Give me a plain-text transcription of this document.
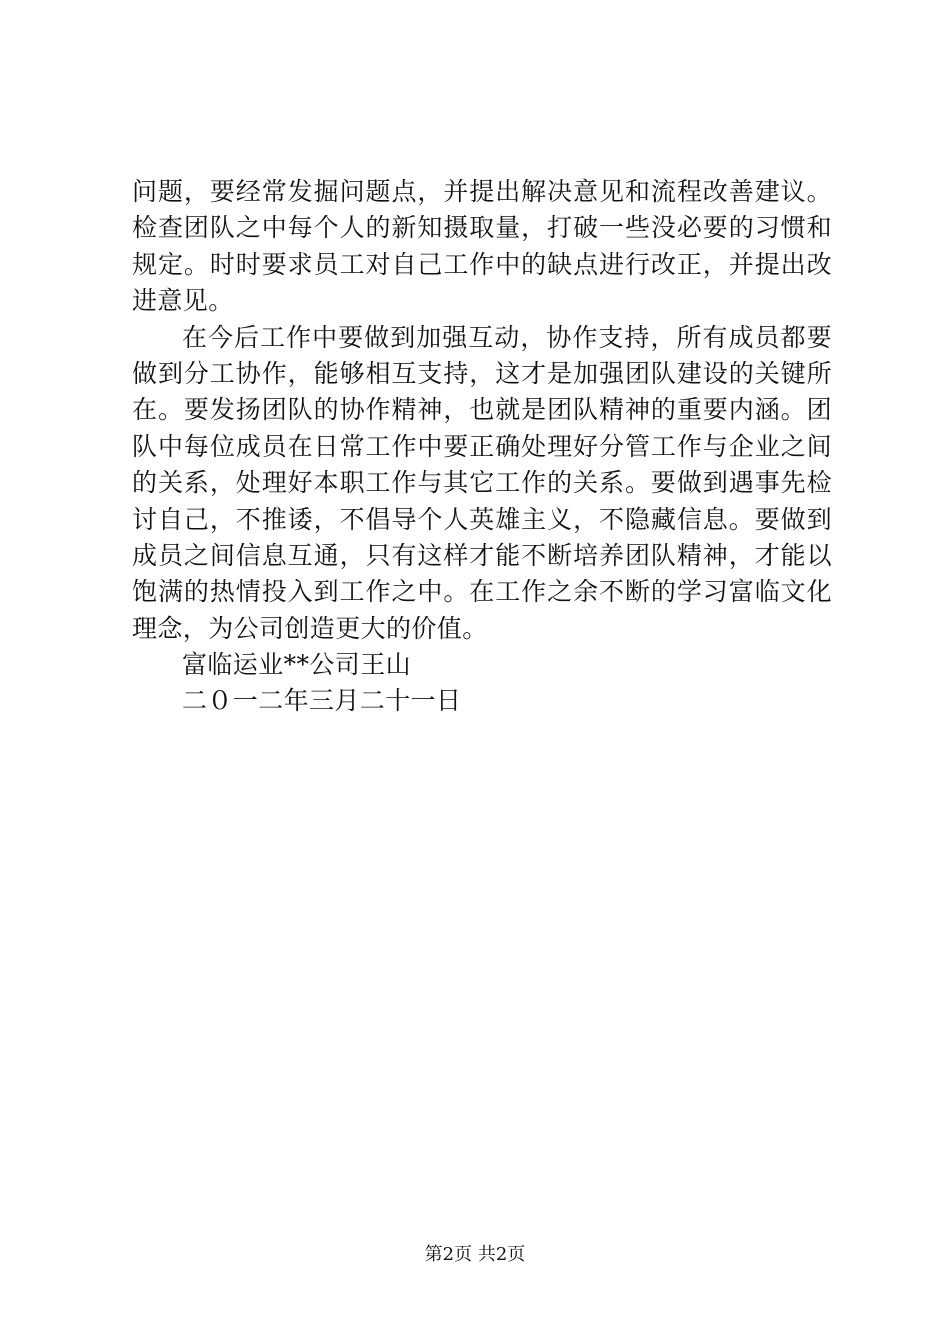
问题，要经常发掘问题点，并提出解决意见和流程改善建议。
检查团队之中每个人的新知摄取量，打破一些没必要的习惯和
规定。时时要求员工对自己工作中的缺点进行改正，并提出改
进意见。
在今后工作中要做到加强互动，协作支持，所有成员都要
做到分工协作，能够相互支持，这才是加强团队建设的关键所
在。要发扬团队的协作精神，也就是团队精神的重要内涵。团
队中每位成员在日常工作中要正确处理好分管工作与企业之间
的关系，处理好本职工作与其它工作的关系。要做到遇事先检
讨自己，不推诿，不倡导个人英雄主义，不隐藏信息。要做到
成员之间信息互通，只有这样才能不断培养团队精神，才能以
饱满的热情投入到工作之中。在工作之余不断的学习富临文化
理念，为公司创造更大的价值。
富临运业**公司王山
二０一二年三月二十一日
第2页 共2页
